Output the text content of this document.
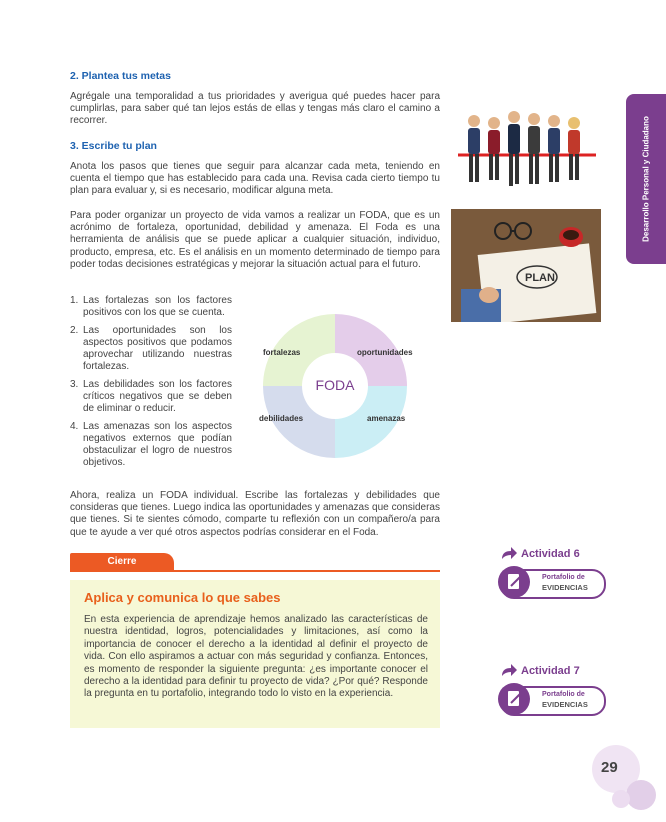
2. Plantea tus metas
Agrégale una temporalidad a tus prioridades y averigua qué puedes hacer para cumplirlas, para saber qué tan lejos estás de ellas y tengas más claro el camino a recorrer.
3. Escribe tu plan
Anota los pasos que tienes que seguir para alcanzar cada meta, teniendo en cuenta el tiempo que has establecido para cada una. Revisa cada cierto tiempo tu plan para evaluar y, si es necesario, modificar alguna meta.
Para poder organizar un proyecto de vida vamos a realizar un FODA, que es un acrónimo de fortaleza, oportunidad, debilidad y amenaza. El Foda es una herramienta de análisis que se puede aplicar a cualquier situación, individuo, producto, empresa, etc. Es el análisis en un momento determinado de tiempo para poder todas decisiones estratégicas y mejorar la situación actual para el futuro.
PLAN
Desarrollo Personal y Ciudadano
1. Las fortalezas son los factores positivos con los que se cuenta.
2. Las oportunidades son los aspectos positivos que podamos aprovechar utilizando nuestras fortalezas.
3. Las debilidades son los factores críticos negativos que se deben de eliminar o reducir.
4. Las amenazas son los aspectos negativos externos que podían obstaculizar el logro de nuestros objetivos.
FODA
fortalezas	oportunidades
debilidades	amenazas
Ahora, realiza un FODA individual. Escribe las fortalezas y debilidades que consideras que tienes. Luego indica las oportunidades y amenazas que consideras que tienes. Si te sientes cómodo, comparte tu reflexión con un compañero/a para que te ayude a ver qué otros aspectos podrías considerar en el Foda.
Cierre
Aplica y comunica lo que sabes
En esta experiencia de aprendizaje hemos analizado las características de nuestra identidad, logros, potencialidades y limitaciones, así como la importancia de conocer el derecho a la identidad al definir el proyecto de vida. Con ello aspiramos a actuar con más seguridad y confianza. Entonces, es momento de responder la siguiente pregunta: ¿es importante conocer el derecho a la identidad para definir tu proyecto de vida? ¿Por qué? Responde la pregunta en tu portafolio, integrando todo lo visto en la experiencia.
Actividad 6
Portafolio de
EVIDENCIAS
Actividad 7
Portafolio de
EVIDENCIAS
29
